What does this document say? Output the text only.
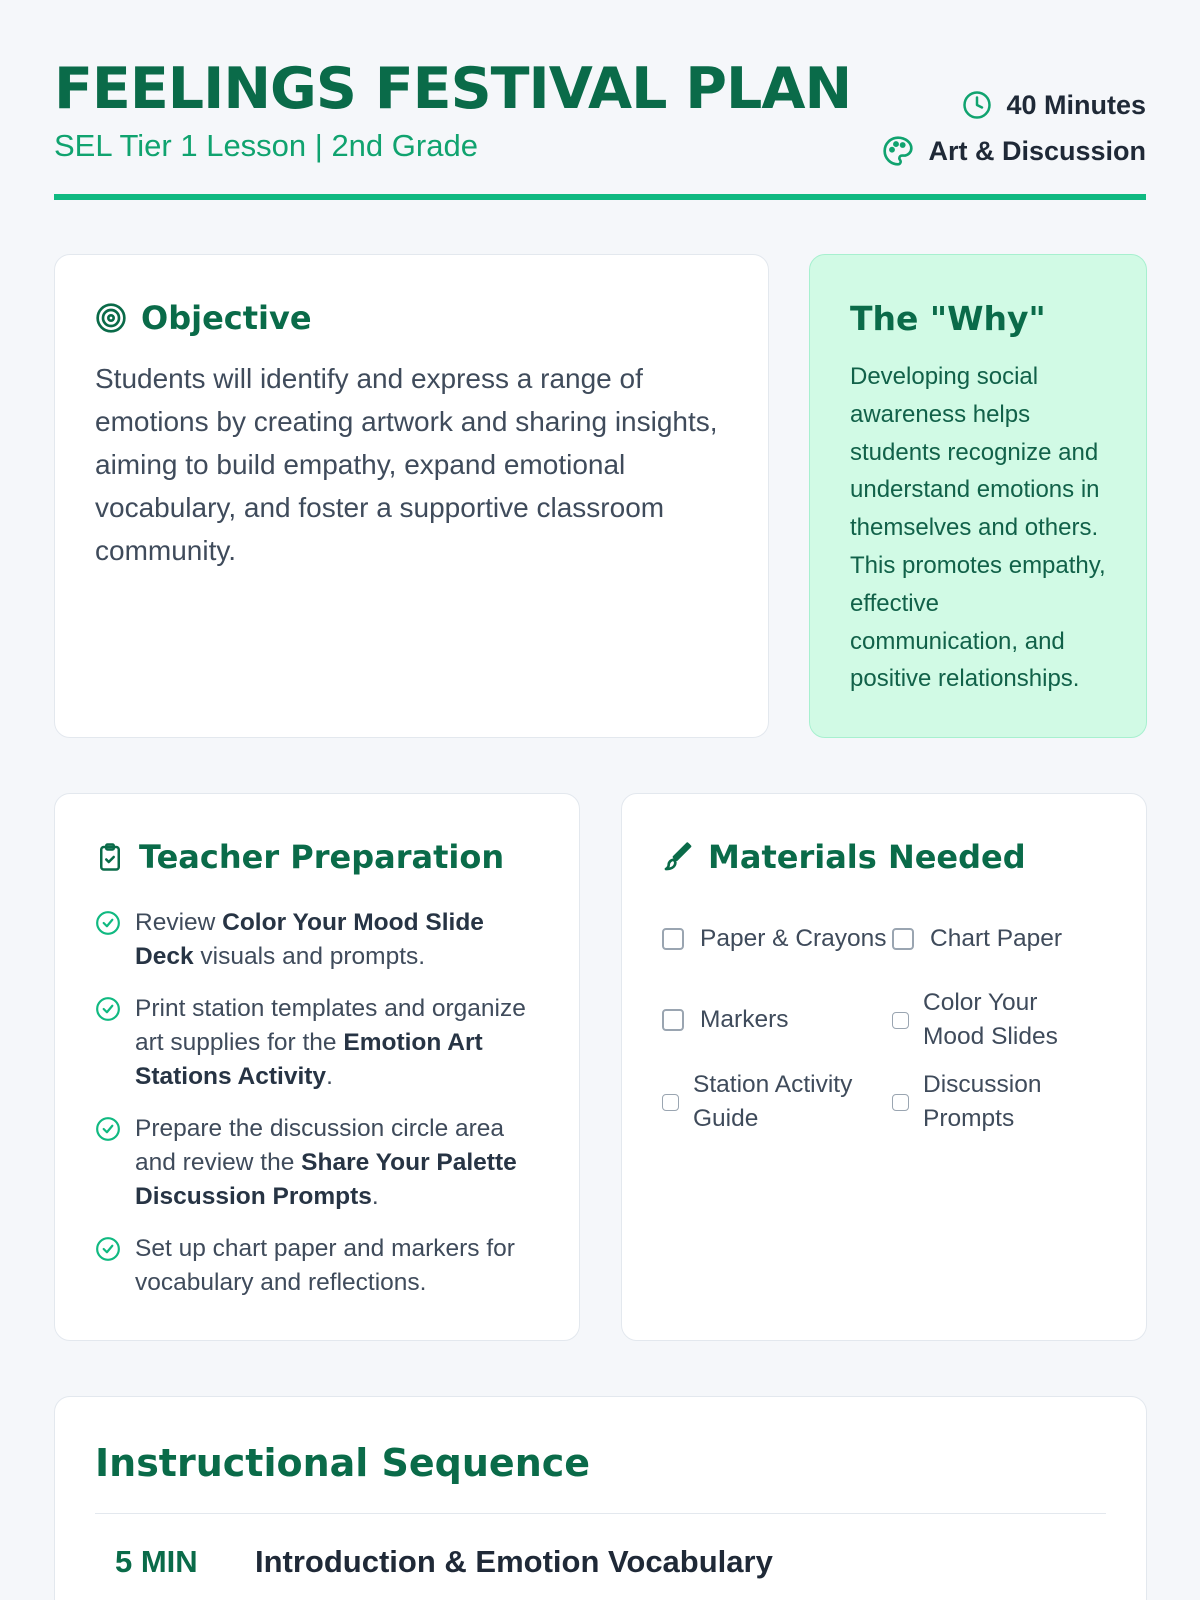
FEELINGS FESTIVAL PLAN
SEL Tier 1 Lesson | 2nd Grade
40 Minutes
Art & Discussion
Objective

Students will identify and express a range of emotions by creating artwork and sharing insights, aiming to build empathy, expand emotional vocabulary, and foster a supportive classroom community.

The "Why"

Developing social awareness helps students recognize and understand emotions in themselves and others. This promotes empathy, effective communication, and positive relationships.

Teacher Preparation
Review Color Your Mood Slide Deck visuals and prompts.
Print station templates and organize art supplies for the Emotion Art Stations Activity.
Prepare the discussion circle area and review the Share Your Palette Discussion Prompts.
Set up chart paper and markers for vocabulary and reflections.
Materials Needed
Paper & Crayons Chart Paper
Markers
Color Your Mood Slides
Station Activity Guide
Discussion Prompts
Instructional Sequence
5 MIN	Introduction & Emotion Vocabulary
